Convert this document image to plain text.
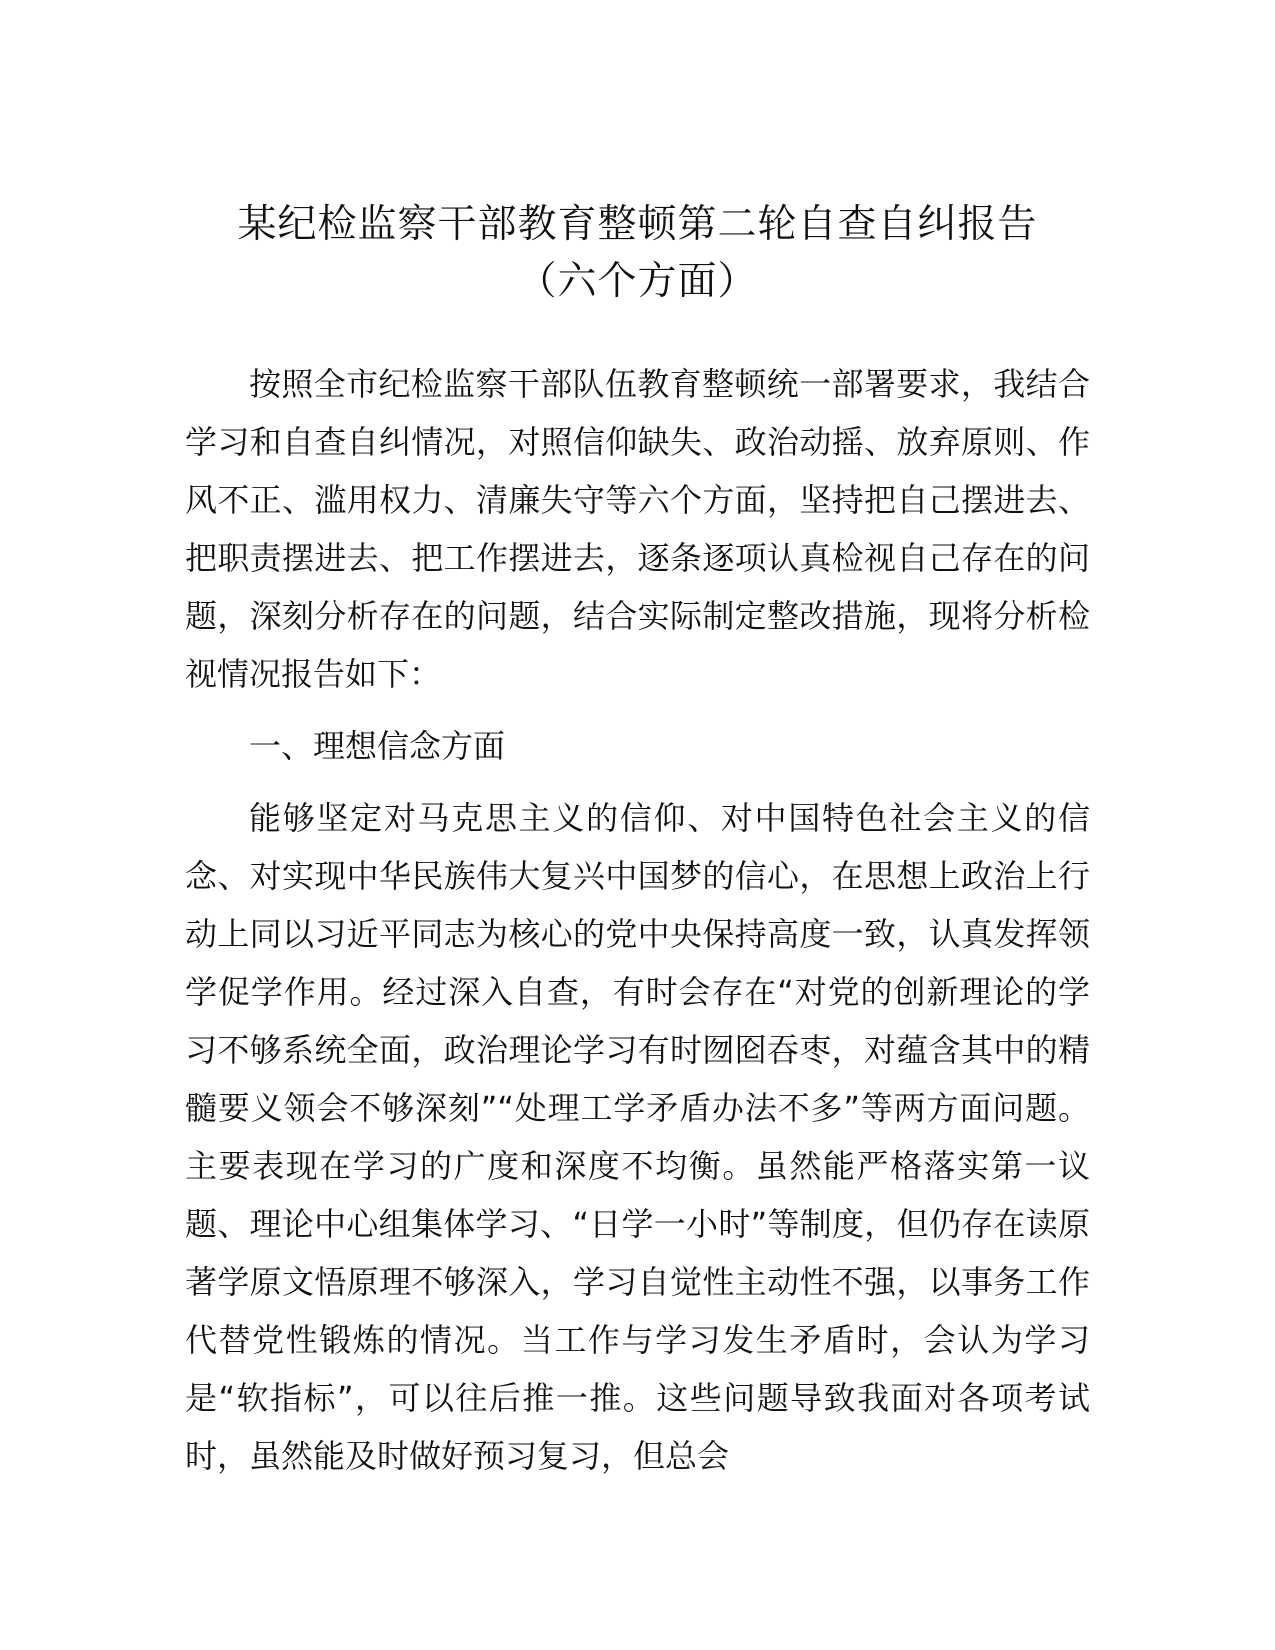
某纪检监察干部教育整顿第二轮自查自纠报告
（六个方面）

按照全市纪检监察干部队伍教育整顿统一部署要求，我结合学习和自查自纠情况，对照信仰缺失、政治动摇、放弃原则、作风不正、滥用权力、清廉失守等六个方面，坚持把自己摆进去、把职责摆进去、把工作摆进去，逐条逐项认真检视自己存在的问题，深刻分析存在的问题，结合实际制定整改措施，现将分析检视情况报告如下：

一、理想信念方面

能够坚定对马克思主义的信仰、对中国特色社会主义的信念、对实现中华民族伟大复兴中国梦的信心，在思想上政治上行动上同以习近平同志为核心的党中央保持高度一致，认真发挥领学促学作用。经过深入自查，有时会存在“对党的创新理论的学习不够系统全面，政治理论学习有时囫囵吞枣，对蕴含其中的精髓要义领会不够深刻”“处理工学矛盾办法不多”等两方面问题。主要表现在学习的广度和深度不均衡。虽然能严格落实第一议题、理论中心组集体学习、“日学一小时”等制度，但仍存在读原著学原文悟原理不够深入，学习自觉性主动性不强，以事务工作代替党性锻炼的情况。当工作与学习发生矛盾时，会认为学习是“软指标”，可以往后推一推。这些问题导致我面对各项考试时，虽然能及时做好预习复习，但总会
